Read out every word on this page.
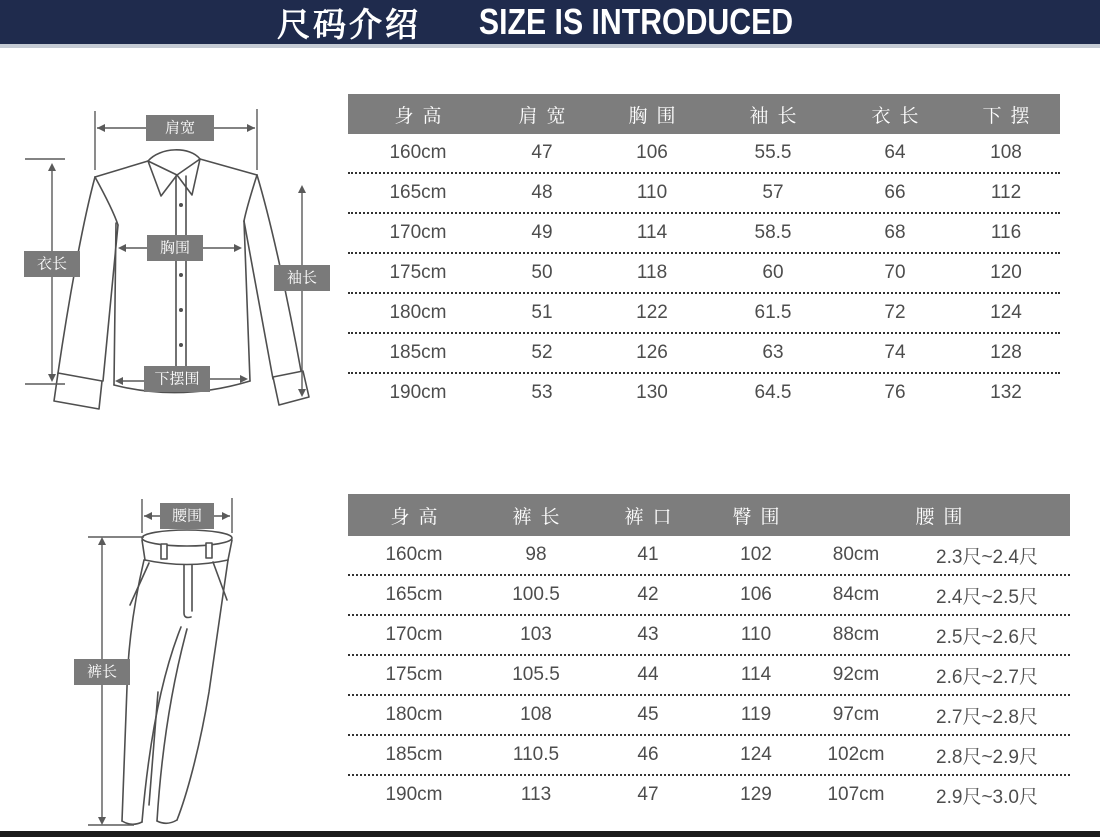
尺码介绍 SIZE IS INTRODUCED
肩宽
衣长
胸围
袖长
下摆围
腰围
裤长
身高	肩宽	胸围	袖长	衣长	下摆
160cm	47	106	55.5	64	108
165cm	48	110	57	66	112
170cm	49	114	58.5	68	116
175cm	50	118	60	70	120
180cm	51	122	61.5	72	124
185cm	52	126	63	74	128
190cm	53	130	64.5	76	132
身高	裤长	裤口	臀围	腰围
160cm	98	41	102	80cm	2.3尺~2.4尺
165cm	100.5	42	106	84cm	2.4尺~2.5尺
170cm	103	43	110	88cm	2.5尺~2.6尺
175cm	105.5	44	114	92cm	2.6尺~2.7尺
180cm	108	45	119	97cm	2.7尺~2.8尺
185cm	110.5	46	124	102cm	2.8尺~2.9尺
190cm	113	47	129	107cm	2.9尺~3.0尺
